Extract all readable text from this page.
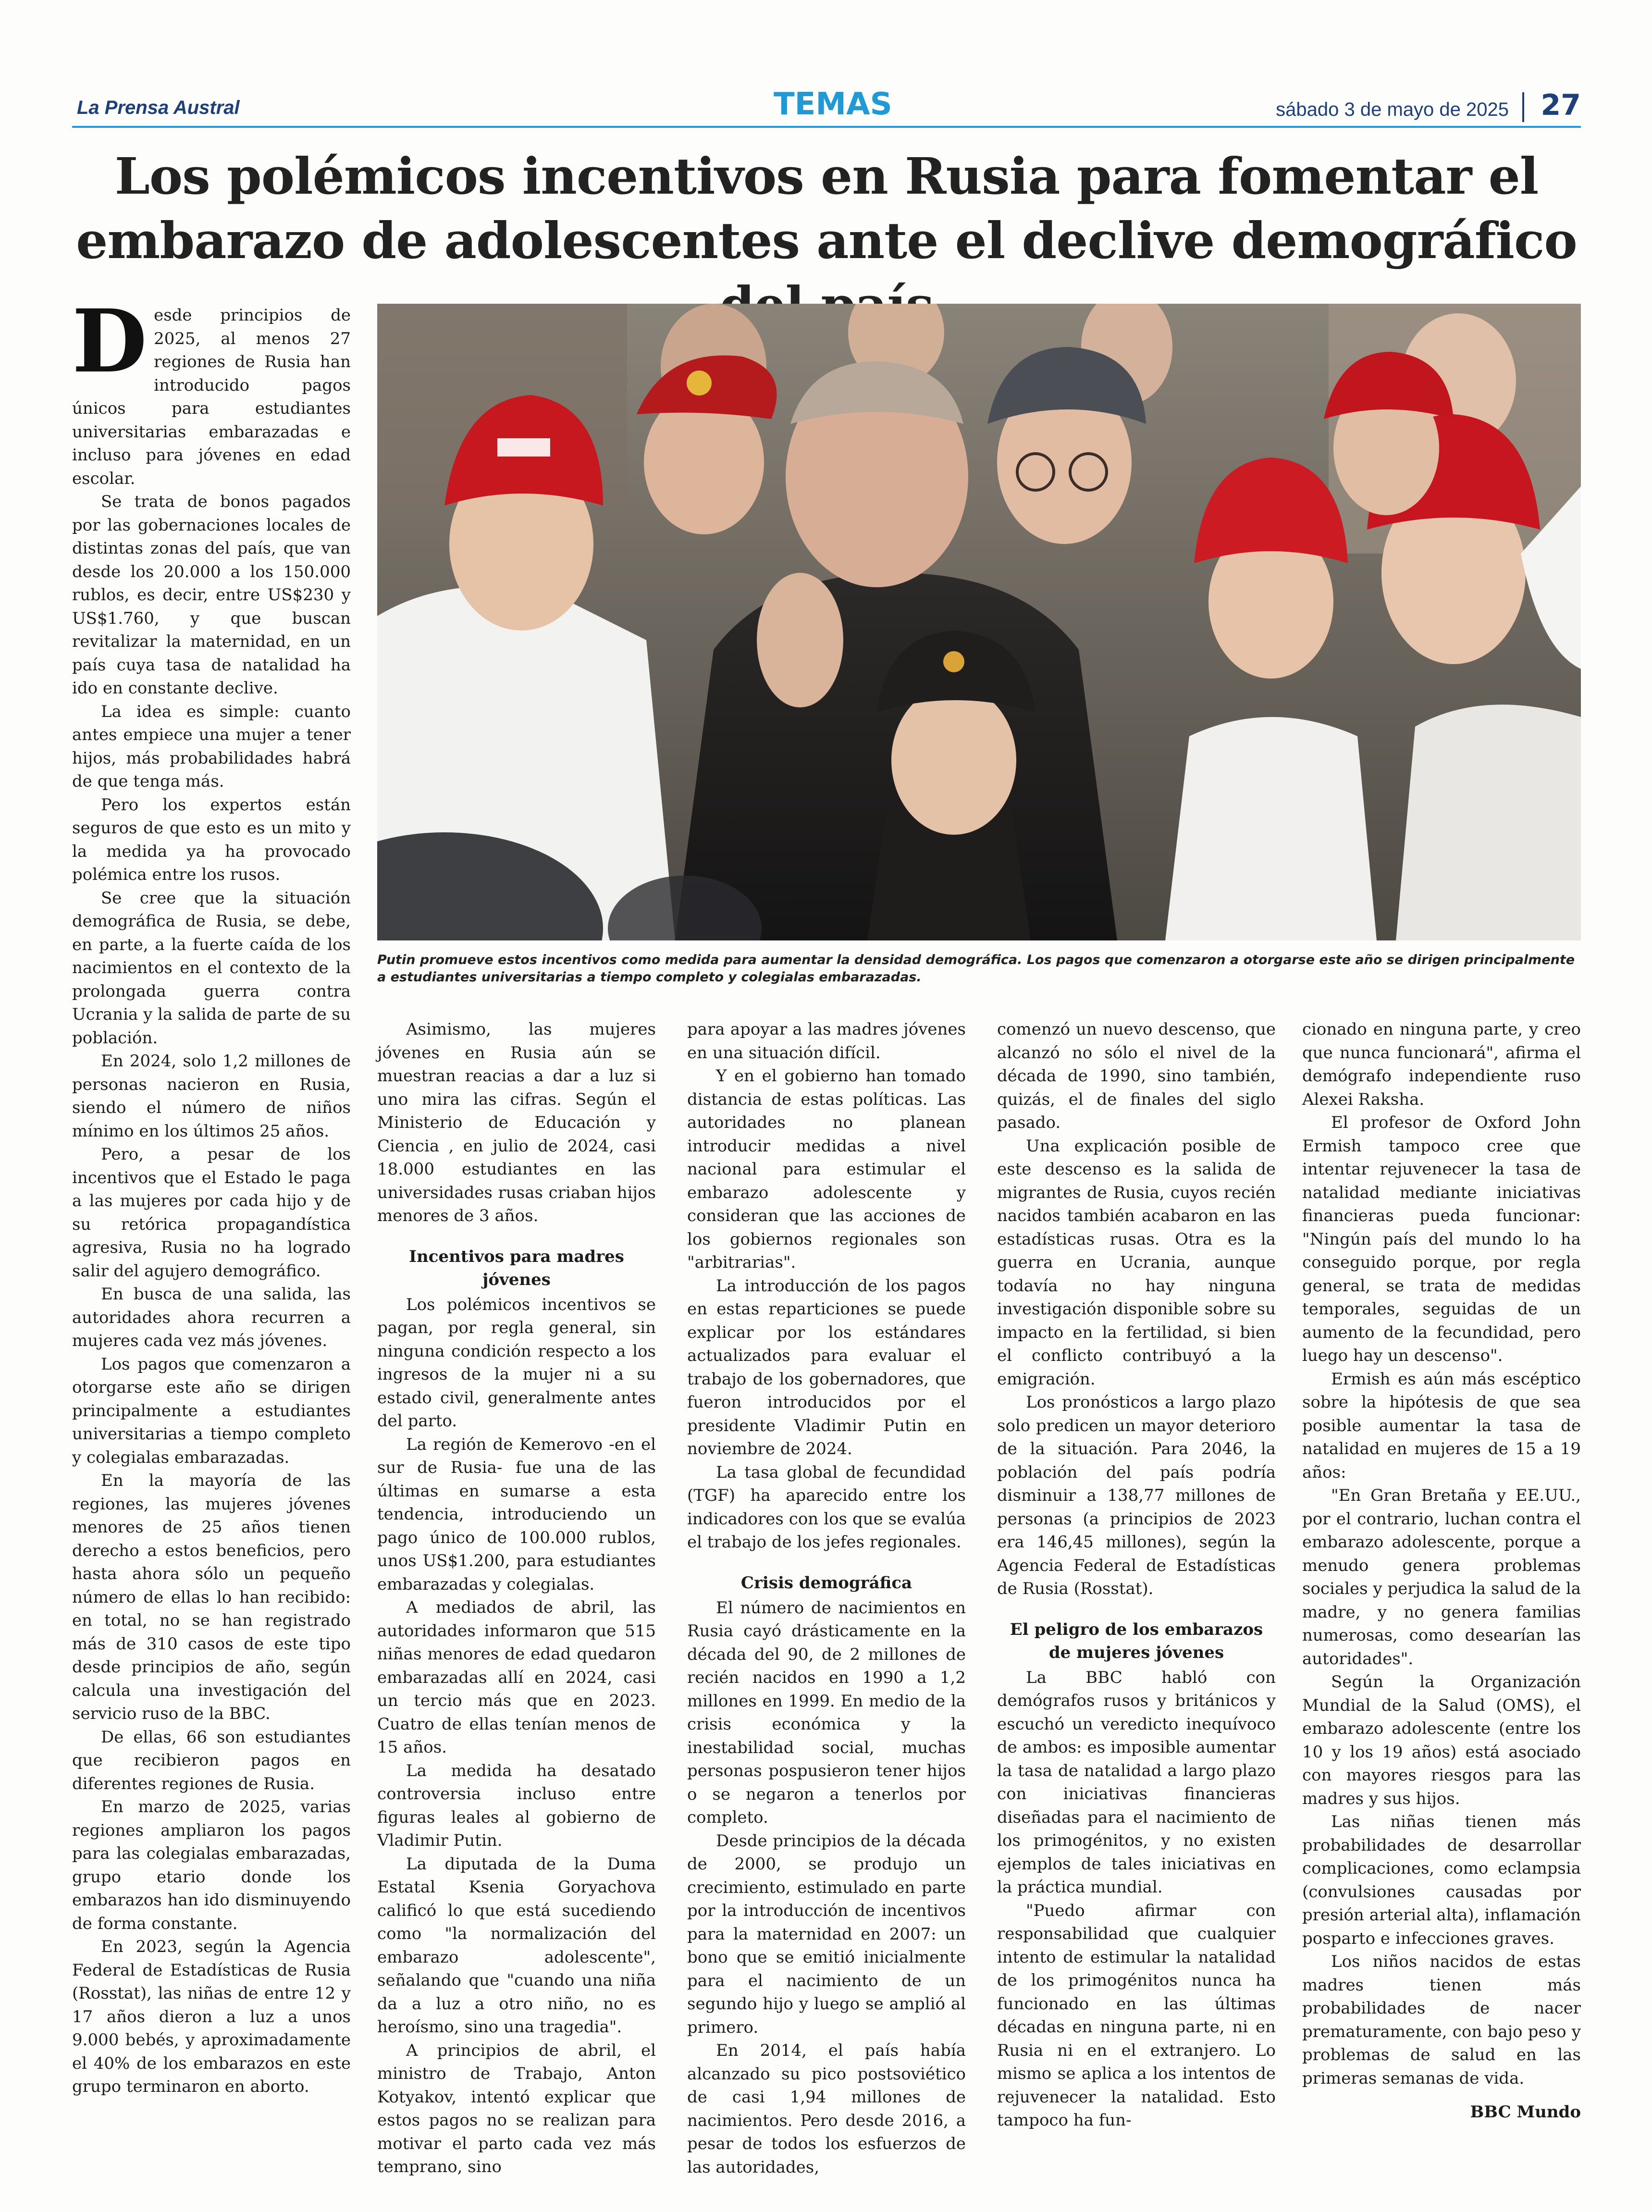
La Prensa Austral	TEMAS	sábado 3 de mayo de 2025 27
Los polémicos incentivos en Rusia para fomentar el embarazo de adolescentes ante el declive demográfico
Putin promueve estos incentivos como medida para aumentar la densidad demográfica. Los pagos que comenzaron a otorgarse este año se dirigen principalmente a estudiantes universitarias a tiempo completo y colegialas embarazadas.

Desde principios de 2025, al menos 27 regiones de Rusia han introducido pagos únicos para estudiantes universitarias embarazadas e incluso para jóvenes en edad escolar.

Se trata de bonos pagados por las gobernaciones locales de distintas zonas del país, que van desde los 20.000 a los 150.000 rublos, es decir, entre US$230 y US$1.760, y que buscan revitalizar la maternidad, en un país cuya tasa de natalidad ha ido en constante declive.

La idea es simple: cuanto antes empiece una mujer a tener hijos, más probabilidades habrá de que tenga más.

Pero los expertos están seguros de que esto es un mito y la medida ya ha provocado polémica entre los rusos.

Se cree que la situación demográfica de Rusia, se debe, en parte, a la fuerte caída de los nacimientos en el contexto de la prolongada guerra contra Ucrania y la salida de parte de su población.

En 2024, solo 1,2 millones de personas nacieron en Rusia, siendo el número de niños mínimo en los últimos 25 años.

Pero, a pesar de los incentivos que el Estado le paga a las mujeres por cada hijo y de su retórica propagandística agresiva, Rusia no ha logrado salir del agujero demográfico.

En busca de una salida, las autoridades ahora recurren a mujeres cada vez más jóvenes.

Los pagos que comenzaron a otorgarse este año se dirigen principalmente a estudiantes universitarias a tiempo completo y colegialas embarazadas.

En la mayoría de las regiones, las mujeres jóvenes menores de 25 años tienen derecho a estos beneficios, pero hasta ahora sólo un pequeño número de ellas lo han recibido: en total, no se han registrado más de 310 casos de este tipo desde principios de año, según calcula una investigación del servicio ruso de la BBC.

De ellas, 66 son estudiantes que recibieron pagos en diferentes regiones de Rusia.

En marzo de 2025, varias regiones ampliaron los pagos para las colegialas embarazadas, grupo etario donde los embarazos han ido disminuyendo de forma constante.

En 2023, según la Agencia Federal de Estadísticas de Rusia (Rosstat), las niñas de entre 12 y 17 años dieron a luz a unos 9.000 bebés, y aproximadamente el 40% de los embarazos en este grupo terminaron en aborto.

Asimismo, las mujeres jóvenes en Rusia aún se muestran reacias a dar a luz si uno mira las cifras. Según el Ministerio de Educación y Ciencia , en julio de 2024, casi 18.000 estudiantes en las universidades rusas criaban hijos menores de 3 años.

Incentivos para madres jóvenes

Los polémicos incentivos se pagan, por regla general, sin ninguna condición respecto a los ingresos de la mujer ni a su estado civil, generalmente antes del parto.

La región de Kemerovo -en el sur de Rusia- fue una de las últimas en sumarse a esta tendencia, introduciendo un pago único de 100.000 rublos, unos US$1.200, para estudiantes embarazadas y colegialas.

A mediados de abril, las autoridades informaron que 515 niñas menores de edad quedaron embarazadas allí en 2024, casi un tercio más que en 2023. Cuatro de ellas tenían menos de 15 años.

La medida ha desatado controversia incluso entre figuras leales al gobierno de Vladimir Putin.

La diputada de la Duma Estatal Ksenia Goryachova calificó lo que está sucediendo como "la normalización del embarazo adolescente", señalando que "cuando una niña da a luz a otro niño, no es heroísmo, sino una tragedia".

A principios de abril, el ministro de Trabajo, Anton Kotyakov, intentó explicar que estos pagos no se realizan para motivar el parto cada vez más temprano, sino

para apoyar a las madres jóvenes en una situación difícil.

Y en el gobierno han tomado distancia de estas políticas. Las autoridades no planean introducir medidas a nivel nacional para estimular el embarazo adolescente y consideran que las acciones de los gobiernos regionales son "arbitrarias".

La introducción de los pagos en estas reparticiones se puede explicar por los estándares actualizados para evaluar el trabajo de los gobernadores, que fueron introducidos por el presidente Vladimir Putin en noviembre de 2024.

La tasa global de fecundidad (TGF) ha aparecido entre los indicadores con los que se evalúa el trabajo de los jefes regionales.

Crisis demográfica

El número de nacimientos en Rusia cayó drásticamente en la década del 90, de 2 millones de recién nacidos en 1990 a 1,2 millones en 1999. En medio de la crisis económica y la inestabilidad social, muchas personas pospusieron tener hijos o se negaron a tenerlos por completo.

Desde principios de la década de 2000, se produjo un crecimiento, estimulado en parte por la introducción de incentivos para la maternidad en 2007: un bono que se emitió inicialmente para el nacimiento de un segundo hijo y luego se amplió al primero.

En 2014, el país había alcanzado su pico postsoviético de casi 1,94 millones de nacimientos. Pero desde 2016, a pesar de todos los esfuerzos de las autoridades,

comenzó un nuevo descenso, que alcanzó no sólo el nivel de la década de 1990, sino también, quizás, el de finales del siglo pasado.

Una explicación posible de este descenso es la salida de migrantes de Rusia, cuyos recién nacidos también acabaron en las estadísticas rusas. Otra es la guerra en Ucrania, aunque todavía no hay ninguna investigación disponible sobre su impacto en la fertilidad, si bien el conflicto contribuyó a la emigración.

Los pronósticos a largo plazo solo predicen un mayor deterioro de la situación. Para 2046, la población del país podría disminuir a 138,77 millones de personas (a principios de 2023 era 146,45 millones), según la Agencia Federal de Estadísticas de Rusia (Rosstat).

El peligro de los embarazos de mujeres jóvenes

La BBC habló con demógrafos rusos y británicos y escuchó un veredicto inequívoco de ambos: es imposible aumentar la tasa de natalidad a largo plazo con iniciativas financieras diseñadas para el nacimiento de los primogénitos, y no existen ejemplos de tales iniciativas en la práctica mundial.

"Puedo afirmar con responsabilidad que cualquier intento de estimular la natalidad de los primogénitos nunca ha funcionado en las últimas décadas en ninguna parte, ni en Rusia ni en el extranjero. Lo mismo se aplica a los intentos de rejuvenecer la natalidad. Esto tampoco ha fun-

cionado en ninguna parte, y creo que nunca funcionará", afirma el demógrafo independiente ruso Alexei Raksha.

El profesor de Oxford John Ermish tampoco cree que intentar rejuvenecer la tasa de natalidad mediante iniciativas financieras pueda funcionar: "Ningún país del mundo lo ha conseguido porque, por regla general, se trata de medidas temporales, seguidas de un aumento de la fecundidad, pero luego hay un descenso".

Ermish es aún más escéptico sobre la hipótesis de que sea posible aumentar la tasa de natalidad en mujeres de 15 a 19 años:

"En Gran Bretaña y EE.UU., por el contrario, luchan contra el embarazo adolescente, porque a menudo genera problemas sociales y perjudica la salud de la madre, y no genera familias numerosas, como desearían las autoridades".

Según la Organización Mundial de la Salud (OMS), el embarazo adolescente (entre los 10 y los 19 años) está asociado con mayores riesgos para las madres y sus hijos.

Las niñas tienen más probabilidades de desarrollar complicaciones, como eclampsia (convulsiones causadas por presión arterial alta), inflamación posparto e infecciones graves.

Los niños nacidos de estas madres tienen más probabilidades de nacer prematuramente, con bajo peso y problemas de salud en las primeras semanas de vida.

BBC Mundo
